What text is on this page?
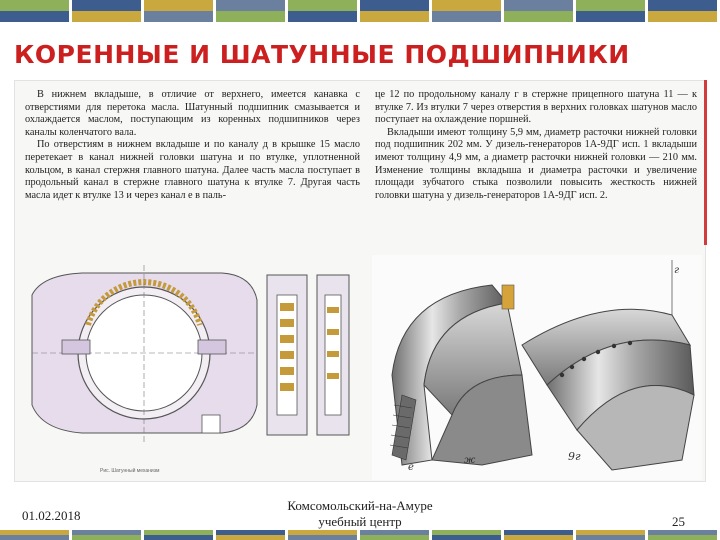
КОРЕННЫЕ И ШАТУННЫЕ ПОДШИПНИКИ

В нижнем вкладыше, в отличие от верхнего, имеется канавка с отверстиями для перетока масла. Шатунный подшипник смазывается и охлаждается маслом, поступающим из коренных подшипников через каналы коленчатого вала.

По отверстиям в нижнем вкладыше и по каналу д в крышке 15 масло перетекает в канал нижней головки шатуна и по втулке, уплотненной кольцом, в канал стержня главного шатуна. Далее часть масла поступает в продольный канал в стержне главного шатуна к втулке 7. Другая часть масла идет к втулке 13 и через канал е в паль-

це 12 по продольному каналу г в стержне прицепного шатуна 11 — к втулке 7. Из втулки 7 через отверстия в верхних головках шатунов масло поступает на охлаждение поршней.

Вкладыши имеют толщину 5,9 мм, диаметр расточки нижней головки под подшипник 202 мм. У дизель-генераторов 1А-9ДГ исп. 1 вкладыши имеют толщину 4,9 мм, а диаметр расточки нижней головки — 210 мм. Изменение толщины вкладыша и диаметра расточки и увеличение площади зубчатого стыка позволили повысить жесткость нижней головки шатуна у дизель-генераторов 1А-9ДГ исп. 2.

Рис. Шатунный механизм
г
е
ж	9г
01.02.2018
Комсомольский-на-Амуре
учебный центр	25
